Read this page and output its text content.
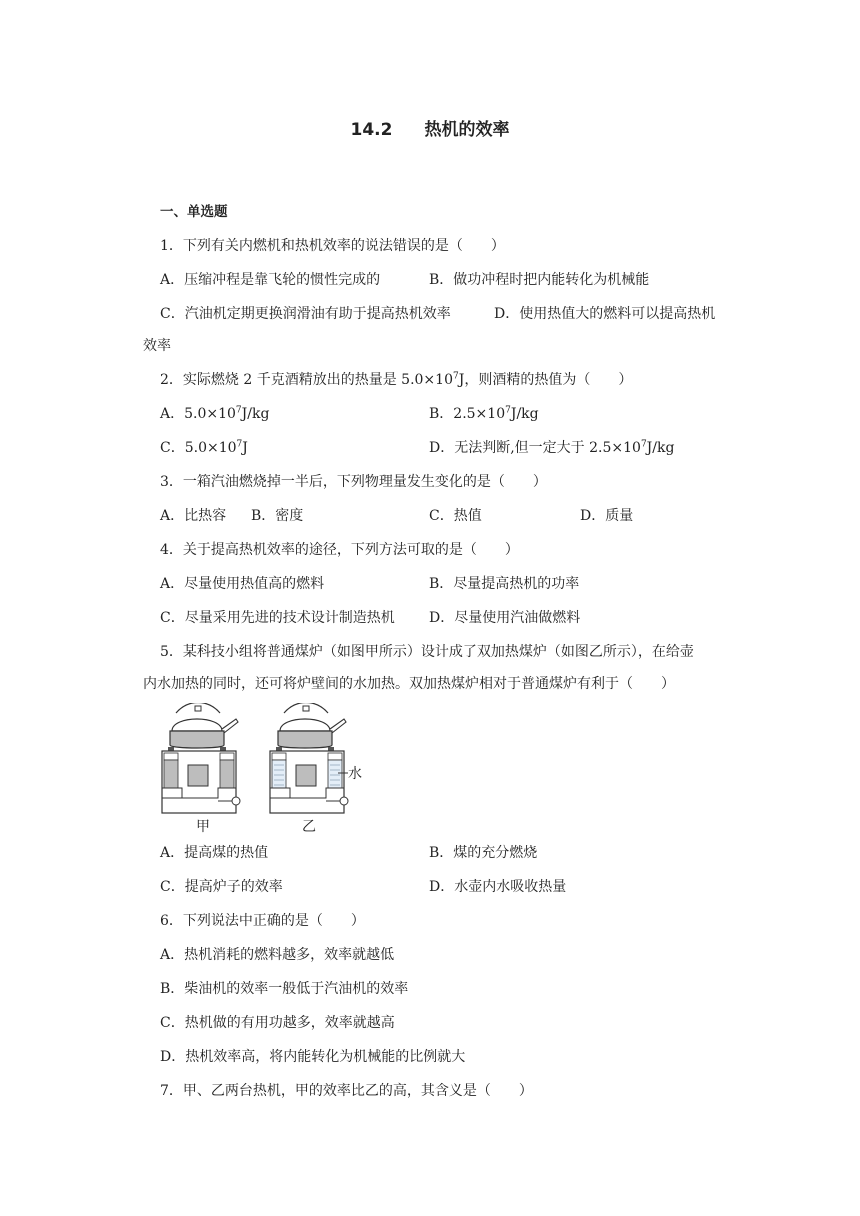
14.2 热机的效率
一、单选题
1．下列有关内燃机和热机效率的说法错误的是（　　）
A．压缩冲程是靠飞轮的惯性完成的	B．做功冲程时把内能转化为机械能
C．汽油机定期更换润滑油有助于提高热机效率	D．使用热值大的燃料可以提高热机
效率
2．实际燃烧 2 千克酒精放出的热量是 $5.0\times 10^7J$，则酒精的热值为（　　）
A．$5.0\times 10^7J/kg$	B．$2.5\times 10^7J/kg$
C．$5.0\times 10^7J$	D．无法判断,但一定大于 $2.5\times 10^7J/kg$
3．一箱汽油燃烧掉一半后，下列物理量发生变化的是（　　）
A．比热容 B．密度	C．热值	D．质量
4．关于提高热机效率的途径，下列方法可取的是（　　）
A．尽量使用热值高的燃料	B．尽量提高热机的功率
C．尽量采用先进的技术设计制造热机 D．尽量使用汽油做燃料
5．某科技小组将普通煤炉（如图甲所示）设计成了双加热煤炉（如图乙所示），在给壶
内水加热的同时，还可将炉壁间的水加热。双加热煤炉相对于普通煤炉有利于（　　）
水
甲	乙
A．提高煤的热值	B．煤的充分燃烧
C．提高炉子的效率	D．水壶内水吸收热量
6．下列说法中正确的是（　　）
A．热机消耗的燃料越多，效率就越低
B．柴油机的效率一般低于汽油机的效率
C．热机做的有用功越多，效率就越高
D．热机效率高，将内能转化为机械能的比例就大
7．甲、乙两台热机，甲的效率比乙的高，其含义是（　　）
